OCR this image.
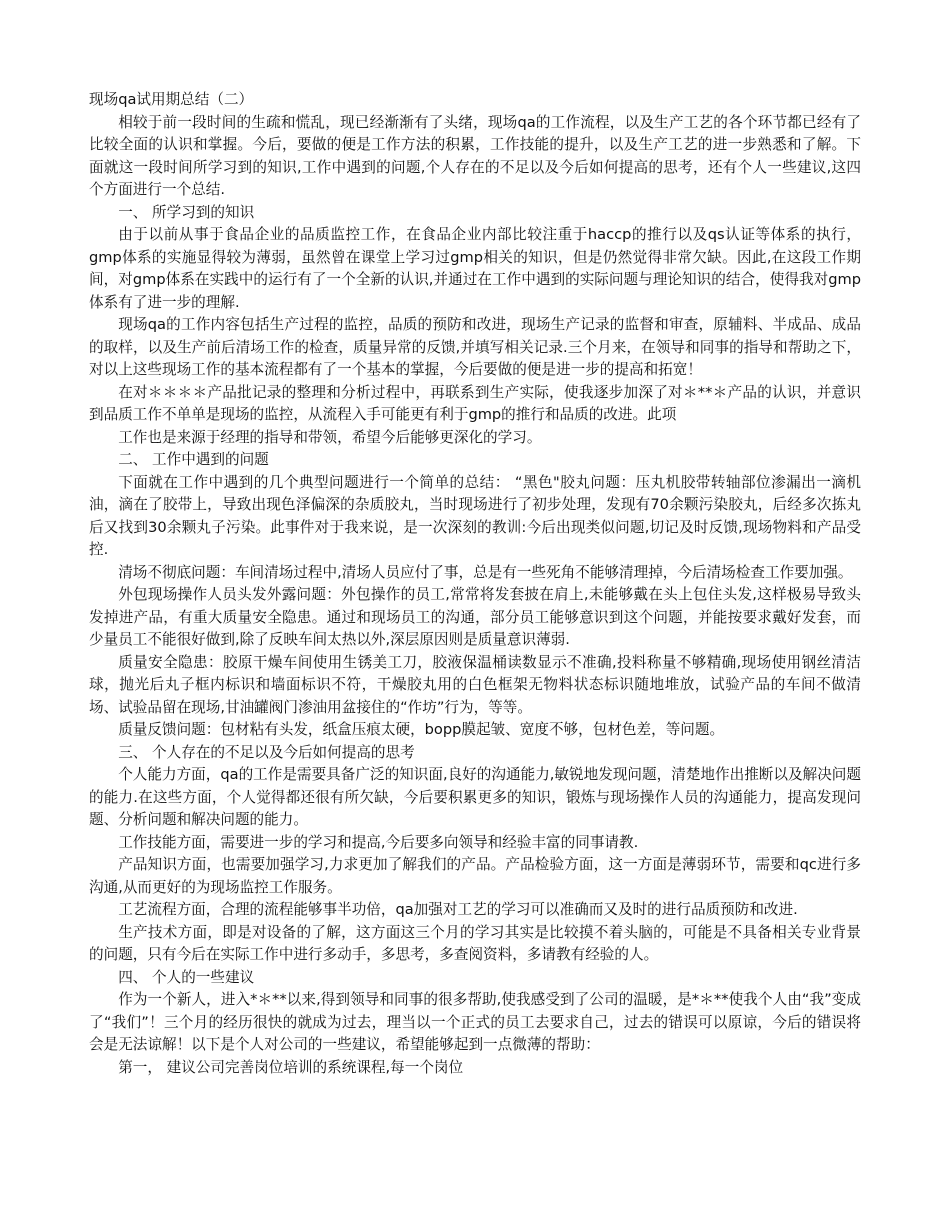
现场qa试用期总结（二）

相较于前一段时间的生疏和慌乱，现已经渐渐有了头绪，现场qa的工作流程，以及生产工艺的各个环节都已经有了比较全面的认识和掌握。今后，要做的便是工作方法的积累，工作技能的提升，以及生产工艺的进一步熟悉和了解。下面就这一段时间所学习到的知识,工作中遇到的问题,个人存在的不足以及今后如何提高的思考，还有个人一些建议,这四个方面进行一个总结.

一、 所学习到的知识

由于以前从事于食品企业的品质监控工作，在食品企业内部比较注重于haccp的推行以及qs认证等体系的执行，gmp体系的实施显得较为薄弱，虽然曾在课堂上学习过gmp相关的知识，但是仍然觉得非常欠缺。因此,在这段工作期间，对gmp体系在实践中的运行有了一个全新的认识,并通过在工作中遇到的实际问题与理论知识的结合，使得我对gmp体系有了进一步的理解.

现场qa的工作内容包括生产过程的监控，品质的预防和改进，现场生产记录的监督和审查，原辅料、半成品、成品的取样，以及生产前后清场工作的检查，质量异常的反馈,并填写相关记录.三个月来，在领导和同事的指导和帮助之下，对以上这些现场工作的基本流程都有了一个基本的掌握，今后要做的便是进一步的提高和拓宽！

在对＊＊＊＊产品批记录的整理和分析过程中，再联系到生产实际，使我逐步加深了对＊**＊产品的认识，并意识到品质工作不单单是现场的监控，从流程入手可能更有利于gmp的推行和品质的改进。此项

工作也是来源于经理的指导和带领，希望今后能够更深化的学习。

二、 工作中遇到的问题

下面就在工作中遇到的几个典型问题进行一个简单的总结： “黑色"胶丸问题：压丸机胶带转轴部位渗漏出一滴机油，滴在了胶带上，导致出现色泽偏深的杂质胶丸，当时现场进行了初步处理，发现有70余颗污染胶丸，后经多次拣丸后又找到30余颗丸子污染。此事件对于我来说，是一次深刻的教训:今后出现类似问题,切记及时反馈,现场物料和产品受控.

清场不彻底问题：车间清场过程中,清场人员应付了事，总是有一些死角不能够清理掉，今后清场检查工作要加强。

外包现场操作人员头发外露问题：外包操作的员工,常常将发套披在肩上,未能够戴在头上包住头发,这样极易导致头发掉进产品，有重大质量安全隐患。通过和现场员工的沟通，部分员工能够意识到这个问题，并能按要求戴好发套，而少量员工不能很好做到,除了反映车间太热以外,深层原因则是质量意识薄弱.

质量安全隐患：胶原干燥车间使用生锈美工刀，胶液保温桶读数显示不准确,投料称量不够精确,现场使用钢丝清洁球，抛光后丸子框内标识和墙面标识不符，干燥胶丸用的白色框架无物料状态标识随地堆放，试验产品的车间不做清场、试验品留在现场,甘油罐阀门渗油用盆接住的“作坊”行为，等等。

质量反馈问题：包材粘有头发，纸盒压痕太硬，bopp膜起皱、宽度不够，包材色差，等问题。

三、 个人存在的不足以及今后如何提高的思考

个人能力方面，qa的工作是需要具备广泛的知识面,良好的沟通能力,敏锐地发现问题，清楚地作出推断以及解决问题的能力.在这些方面，个人觉得都还很有所欠缺，今后要积累更多的知识，锻炼与现场操作人员的沟通能力，提高发现问题、分析问题和解决问题的能力。

工作技能方面，需要进一步的学习和提高,今后要多向领导和经验丰富的同事请教.

产品知识方面，也需要加强学习,力求更加了解我们的产品。产品检验方面，这一方面是薄弱环节，需要和qc进行多沟通,从而更好的为现场监控工作服务。

工艺流程方面，合理的流程能够事半功倍，qa加强对工艺的学习可以准确而又及时的进行品质预防和改进.

生产技术方面，即是对设备的了解，这方面这三个月的学习其实是比较摸不着头脑的，可能是不具备相关专业背景的问题，只有今后在实际工作中进行多动手，多思考，多查阅资料，多请教有经验的人。

四、 个人的一些建议

作为一个新人，进入*＊**以来,得到领导和同事的很多帮助,使我感受到了公司的温暖，是*＊**使我个人由“我”变成了“我们”！三个月的经历很快的就成为过去，理当以一个正式的员工去要求自己，过去的错误可以原谅，今后的错误将会是无法谅解！以下是个人对公司的一些建议，希望能够起到一点微薄的帮助：

第一， 建议公司完善岗位培训的系统课程,每一个岗位
